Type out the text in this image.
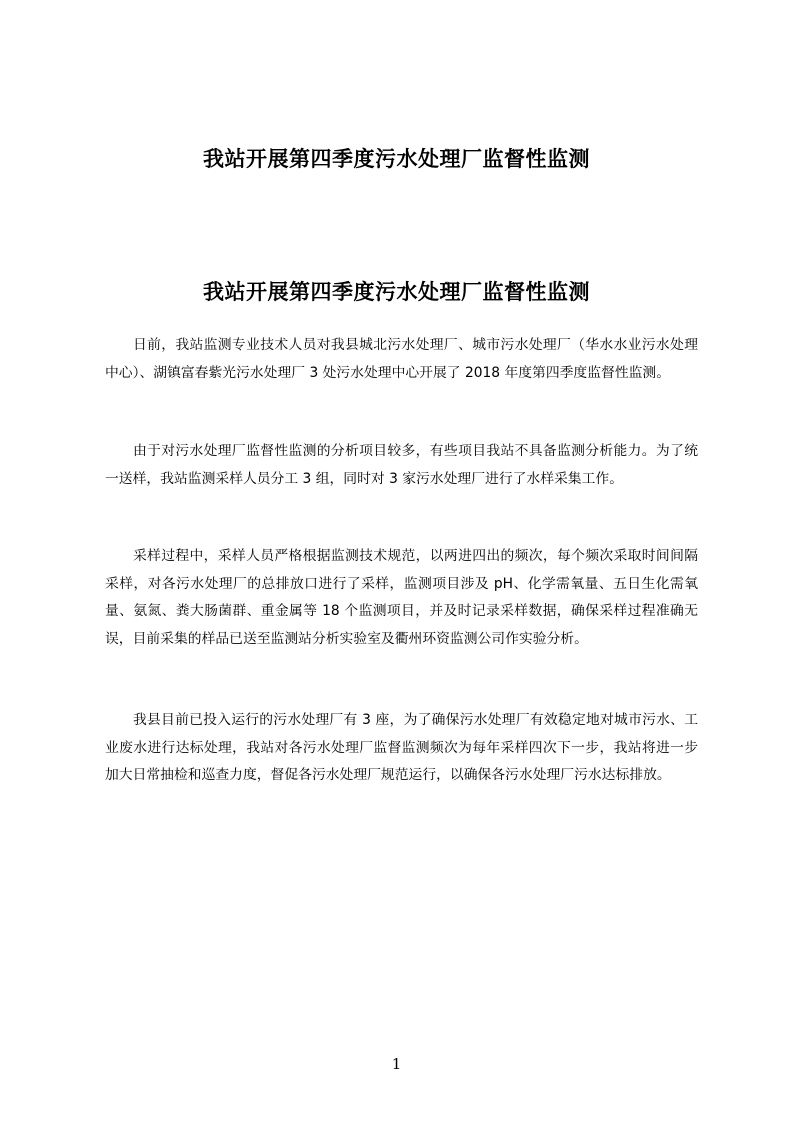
我站开展第四季度污水处理厂监督性监测
我站开展第四季度污水处理厂监督性监测

日前，我站监测专业技术人员对我县城北污水处理厂、城市污水处理厂（华水水业污水处理中心）、湖镇富春紫光污水处理厂 3 处污水处理中心开展了 2018 年度第四季度监督性监测。

由于对污水处理厂监督性监测的分析项目较多，有些项目我站不具备监测分析能力。为了统一送样，我站监测采样人员分工 3 组，同时对 3 家污水处理厂进行了水样采集工作。

采样过程中，采样人员严格根据监测技术规范，以两进四出的频次，每个频次采取时间间隔采样，对各污水处理厂的总排放口进行了采样，监测项目涉及 pH、化学需氧量、五日生化需氧量、氨氮、粪大肠菌群、重金属等 18 个监测项目，并及时记录采样数据，确保采样过程准确无误，目前采集的样品已送至监测站分析实验室及衢州环资监测公司作实验分析。

我县目前已投入运行的污水处理厂有 3 座，为了确保污水处理厂有效稳定地对城市污水、工业废水进行达标处理，我站对各污水处理厂监督监测频次为每年采样四次下一步，我站将进一步加大日常抽检和巡查力度，督促各污水处理厂规范运行，以确保各污水处理厂污水达标排放。

1
